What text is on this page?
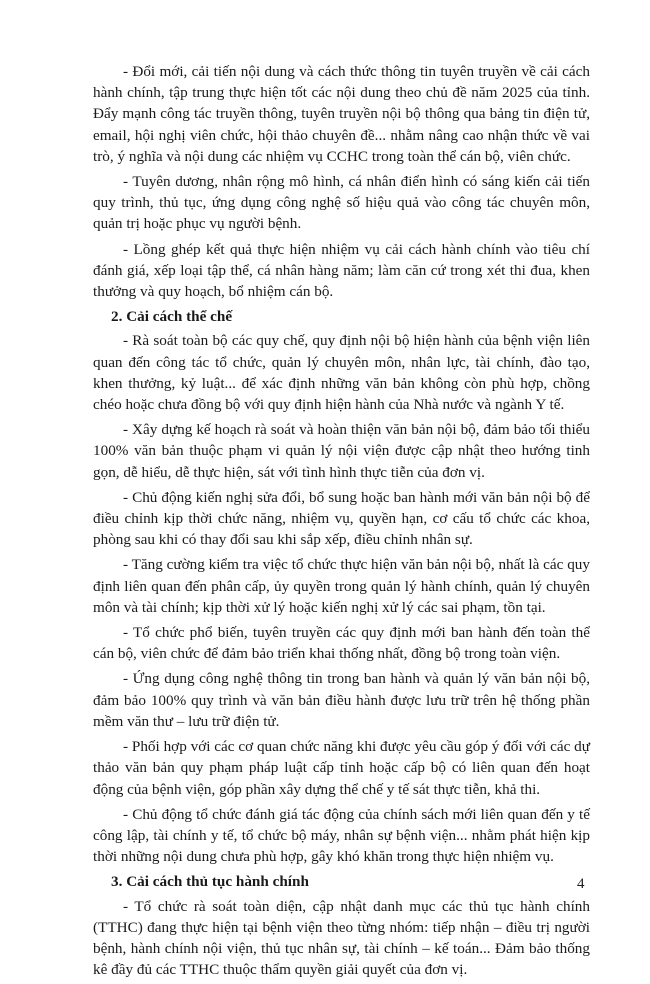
- Đổi mới, cải tiến nội dung và cách thức thông tin tuyên truyền về cải cách hành chính, tập trung thực hiện tốt các nội dung theo chủ đề năm 2025 của tỉnh. Đẩy mạnh công tác truyền thông, tuyên truyền nội bộ thông qua bảng tin điện tử, email, hội nghị viên chức, hội thảo chuyên đề... nhằm nâng cao nhận thức về vai trò, ý nghĩa và nội dung các nhiệm vụ CCHC trong toàn thể cán bộ, viên chức.

- Tuyên dương, nhân rộng mô hình, cá nhân điển hình có sáng kiến cải tiến quy trình, thủ tục, ứng dụng công nghệ số hiệu quả vào công tác chuyên môn, quản trị hoặc phục vụ người bệnh.

- Lồng ghép kết quả thực hiện nhiệm vụ cải cách hành chính vào tiêu chí đánh giá, xếp loại tập thể, cá nhân hàng năm; làm căn cứ trong xét thi đua, khen thưởng và quy hoạch, bổ nhiệm cán bộ.

2. Cải cách thể chế

- Rà soát toàn bộ các quy chế, quy định nội bộ hiện hành của bệnh viện liên quan đến công tác tổ chức, quản lý chuyên môn, nhân lực, tài chính, đào tạo, khen thưởng, kỷ luật... để xác định những văn bản không còn phù hợp, chồng chéo hoặc chưa đồng bộ với quy định hiện hành của Nhà nước và ngành Y tế.

- Xây dựng kế hoạch rà soát và hoàn thiện văn bản nội bộ, đảm bảo tối thiểu 100% văn bản thuộc phạm vi quản lý nội viện được cập nhật theo hướng tinh gọn, dễ hiểu, dễ thực hiện, sát với tình hình thực tiễn của đơn vị.

- Chủ động kiến nghị sửa đổi, bổ sung hoặc ban hành mới văn bản nội bộ để điều chỉnh kịp thời chức năng, nhiệm vụ, quyền hạn, cơ cấu tổ chức các khoa, phòng sau khi có thay đổi sau khi sắp xếp, điều chỉnh nhân sự.

- Tăng cường kiểm tra việc tổ chức thực hiện văn bản nội bộ, nhất là các quy định liên quan đến phân cấp, ủy quyền trong quản lý hành chính, quản lý chuyên môn và tài chính; kịp thời xử lý hoặc kiến nghị xử lý các sai phạm, tồn tại.

- Tổ chức phổ biến, tuyên truyền các quy định mới ban hành đến toàn thể cán bộ, viên chức để đảm bảo triển khai thống nhất, đồng bộ trong toàn viện.

- Ứng dụng công nghệ thông tin trong ban hành và quản lý văn bản nội bộ, đảm bảo 100% quy trình và văn bản điều hành được lưu trữ trên hệ thống phần mềm văn thư – lưu trữ điện tử.

- Phối hợp với các cơ quan chức năng khi được yêu cầu góp ý đối với các dự thảo văn bản quy phạm pháp luật cấp tỉnh hoặc cấp bộ có liên quan đến hoạt động của bệnh viện, góp phần xây dựng thể chế y tế sát thực tiễn, khả thi.

- Chủ động tổ chức đánh giá tác động của chính sách mới liên quan đến y tế công lập, tài chính y tế, tổ chức bộ máy, nhân sự bệnh viện... nhằm phát hiện kịp thời những nội dung chưa phù hợp, gây khó khăn trong thực hiện nhiệm vụ.

3. Cải cách thủ tục hành chính

- Tổ chức rà soát toàn diện, cập nhật danh mục các thủ tục hành chính (TTHC) đang thực hiện tại bệnh viện theo từng nhóm: tiếp nhận – điều trị người bệnh, hành chính nội viện, thủ tục nhân sự, tài chính – kế toán... Đảm bảo thống kê đầy đủ các TTHC thuộc thẩm quyền giải quyết của đơn vị.

4
